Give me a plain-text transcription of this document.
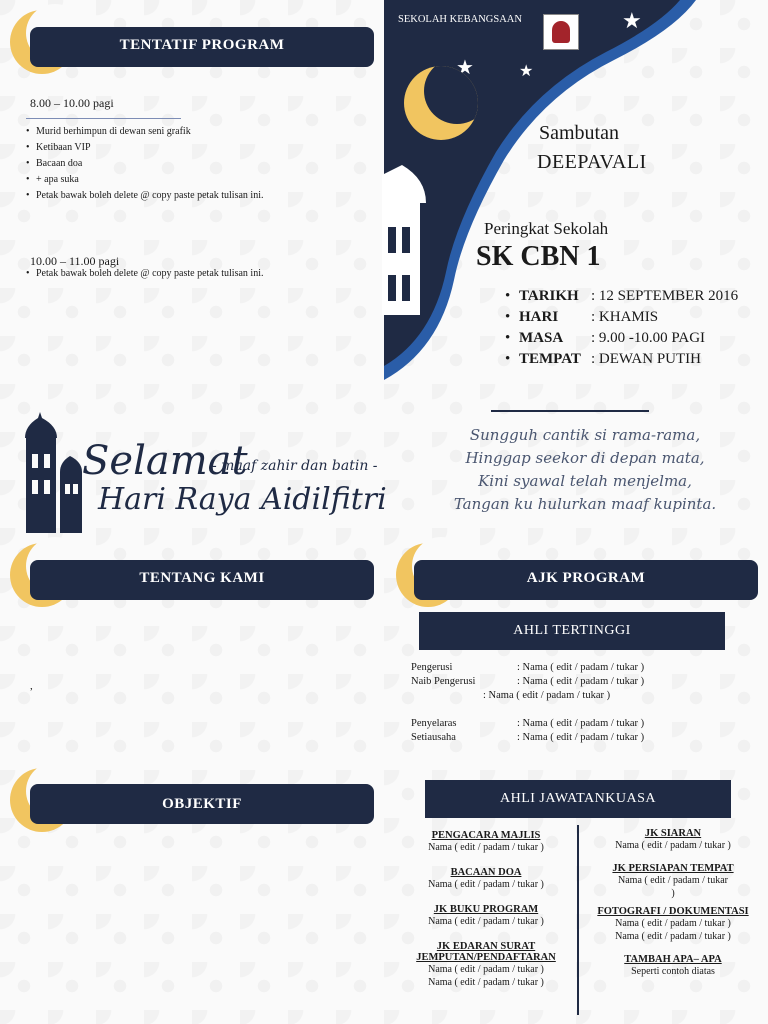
TENTATIF PROGRAM
8.00 – 10.00 pagi
• Murid berhimpun di dewan seni grafik
• Ketibaan VIP
• Bacaan doa
• + apa suka
• Petak bawak boleh delete @ copy paste petak tulisan ini.
10.00 – 11.00 pagi
• Petak bawak boleh delete @ copy paste petak tulisan ini.
Selamat
- maaf zahir dan batin -
Hari Raya Aidilfitri
TENTANG KAMI
,
OBJEKTIF
SEKOLAH KEBANGSAAN	★
★
Sambutan
DEEPAVALI
Peringkat Sekolah
SK CBN 1
• TARIKH : 12 SEPTEMBER 2016
• HARI : KHAMIS
• MASA : 9.00 -10.00 PAGI
• TEMPAT : DEWAN PUTIH
Sungguh cantik si rama-rama,
Hinggap seekor di depan mata,
Kini syawal telah menjelma,
Tangan ku hulurkan maaf kupinta.
AJK PROGRAM
AHLI TERTINGGI
Pengerusi	: Nama ( edit / padam / tukar )
Naib Pengerusi	: Nama ( edit / padam / tukar )
: Nama ( edit / padam / tukar )
Penyelaras	: Nama ( edit / padam / tukar )
Setiausaha	: Nama ( edit / padam / tukar )
AHLI JAWATANKUASA
PENGACARA MAJLIS

Nama ( edit / padam / tukar )

BACAAN DOA

Nama ( edit / padam / tukar )

JK BUKU PROGRAM

Nama ( edit / padam / tukar )

JK EDARAN SURAT JEMPUTAN/PENDAFTARAN

Nama ( edit / padam / tukar )

Nama ( edit / padam / tukar )

JK SIARAN

Nama ( edit / padam / tukar )

JK PERSIAPAN TEMPAT

Nama ( edit / padam / tukar

)

FOTOGRAFI / DOKUMENTASI

Nama ( edit / padam / tukar )

Nama ( edit / padam / tukar )

TAMBAH APA– APA

Seperti contoh diatas
